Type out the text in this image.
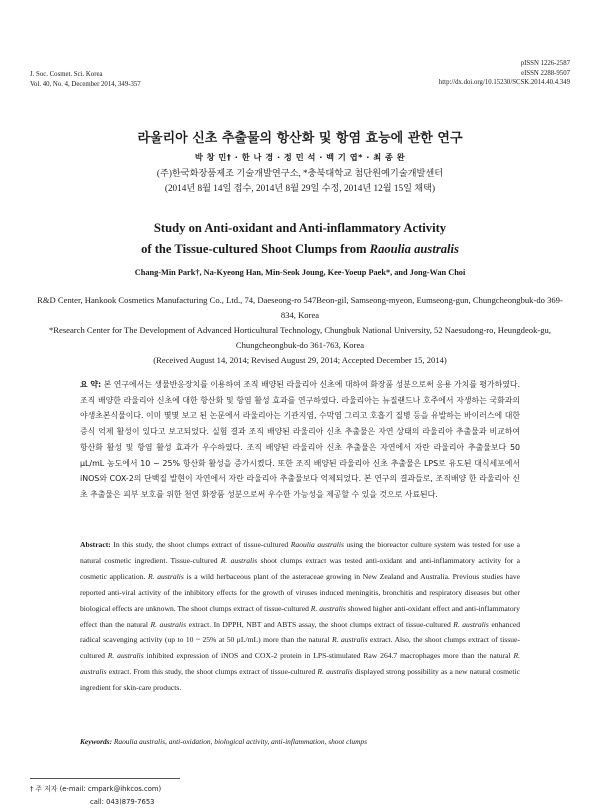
J. Soc. Cosmet. Sci. Korea
Vol. 40, No. 4, December 2014, 349-357
pISSN 1226-2587
eISSN 2288-9507
http://dx.doi.org/10.15230/SCSK.2014.40.4.349
라울리아 신초 추출물의 항산화 및 항염 효능에 관한 연구
박 창 민† · 한 나 경 · 정 민 석 · 백 기 엽* · 최 종 완
(주)한국화장품제조 기술개발연구소, *충북대학교 첨단원예기술개발센터
(2014년 8월 14일 접수, 2014년 8월 29일 수정, 2014년 12월 15일 채택)
Study on Anti-oxidant and Anti-inflammatory Activity
of the Tissue-cultured Shoot Clumps from Raoulia australis
Chang-Min Park†, Na-Kyeong Han, Min-Seok Joung, Kee-Yoeup Paek*, and Jong-Wan Choi

R&D Center, Hankook Cosmetics Manufacturing Co., Ltd., 74, Daeseong-ro 547Beon-gil, Samseong-myeon, Eumseong-gun, Chungcheongbuk-do 369-834, Korea

*Research Center for The Development of Advanced Horticultural Technology, Chungbuk National University, 52 Naesudong-ro, Heungdeok-gu, Chungcheongbuk-do 361-763, Korea

(Received August 14, 2014; Revised August 29, 2014; Accepted December 15, 2014)

요 약: 본 연구에서는 생물반응장치를 이용하여 조직 배양된 라울리아 신초에 대하여 화장품 성분으로써 응용 가치를 평가하였다. 조직 배양한 라울리아 신초에 대한 항산화 및 항염 활성 효과를 연구하였다. 라울리아는 뉴질랜드나 호주에서 자생하는 국화과의 야생초본식물이다. 이미 몇몇 보고 된 논문에서 라울리아는 기관지염, 수막염 그리고 호흡기 질병 등을 유발하는 바이러스에 대한 증식 억제 활성이 있다고 보고되었다. 실험 결과 조직 배양된 라울리아 신초 추출물은 자연 상태의 라울리아 추출물과 비교하여 항산화 활성 및 항염 활성 효과가 우수하였다. 조직 배양된 라울리아 신초 추출물은 자연에서 자란 라울리아 추출물보다 50 μL/mL 농도에서 10 ~ 25% 항산화 활성을 증가시켰다. 또한 조직 배양된 라울리아 신초 추출물은 LPS로 유도된 대식세포에서 iNOS와 COX-2의 단백질 발현이 자연에서 자란 라울리아 추출물보다 억제되었다. 본 연구의 결과들로, 조직배양 한 라울리아 신초 추출물은 피부 보호를 위한 천연 화장품 성분으로써 우수한 가능성을 제공할 수 있을 것으로 사료된다.
Abstract: In this study, the shoot clumps extract of tissue-cultured Raoulia australis using the bioreactor culture system was tested for use a natural cosmetic ingredient. Tissue-cultured R. australis shoot clumps extract was tested anti-oxidant and anti-inflammatory activity for a cosmetic application. R. australis is a wild herbaceous plant of the asteraceae growing in New Zealand and Australia. Previous studies have reported anti-viral activity of the inhibitory effects for the growth of viruses induced meningitis, bronchitis and respiratory diseases but other biological effects are unknown. The shoot clumps extract of tissue-cultured R. australis showed higher anti-oxidant effect and anti-inflammatory effect than the natural R. australis extract. In DPPH, NBT and ABTS assay, the shoot clumps extract of tissue-cultured R. australis enhanced radical scavenging activity (up to 10 ~ 25% at 50 μL/mL) more than the natural R. australis extract. Also, the shoot clumps extract of tissue-cultured R. australis inhibited expression of iNOS and COX-2 protein in LPS-stimulated Raw 264.7 macrophages more than the natural R. australis extract. From this study, the shoot clumps extract of tissue-cultured R. australis displayed strong possibility as a new natural cosmetic ingredient for skin-care products.
Keywords: Raoulia australis, anti-oxidation, biological activity, anti-inflammation, shoot clumps
† 주 저자 (e-mail: cmpark@ihkcos.com)
call: 043)879-7653
